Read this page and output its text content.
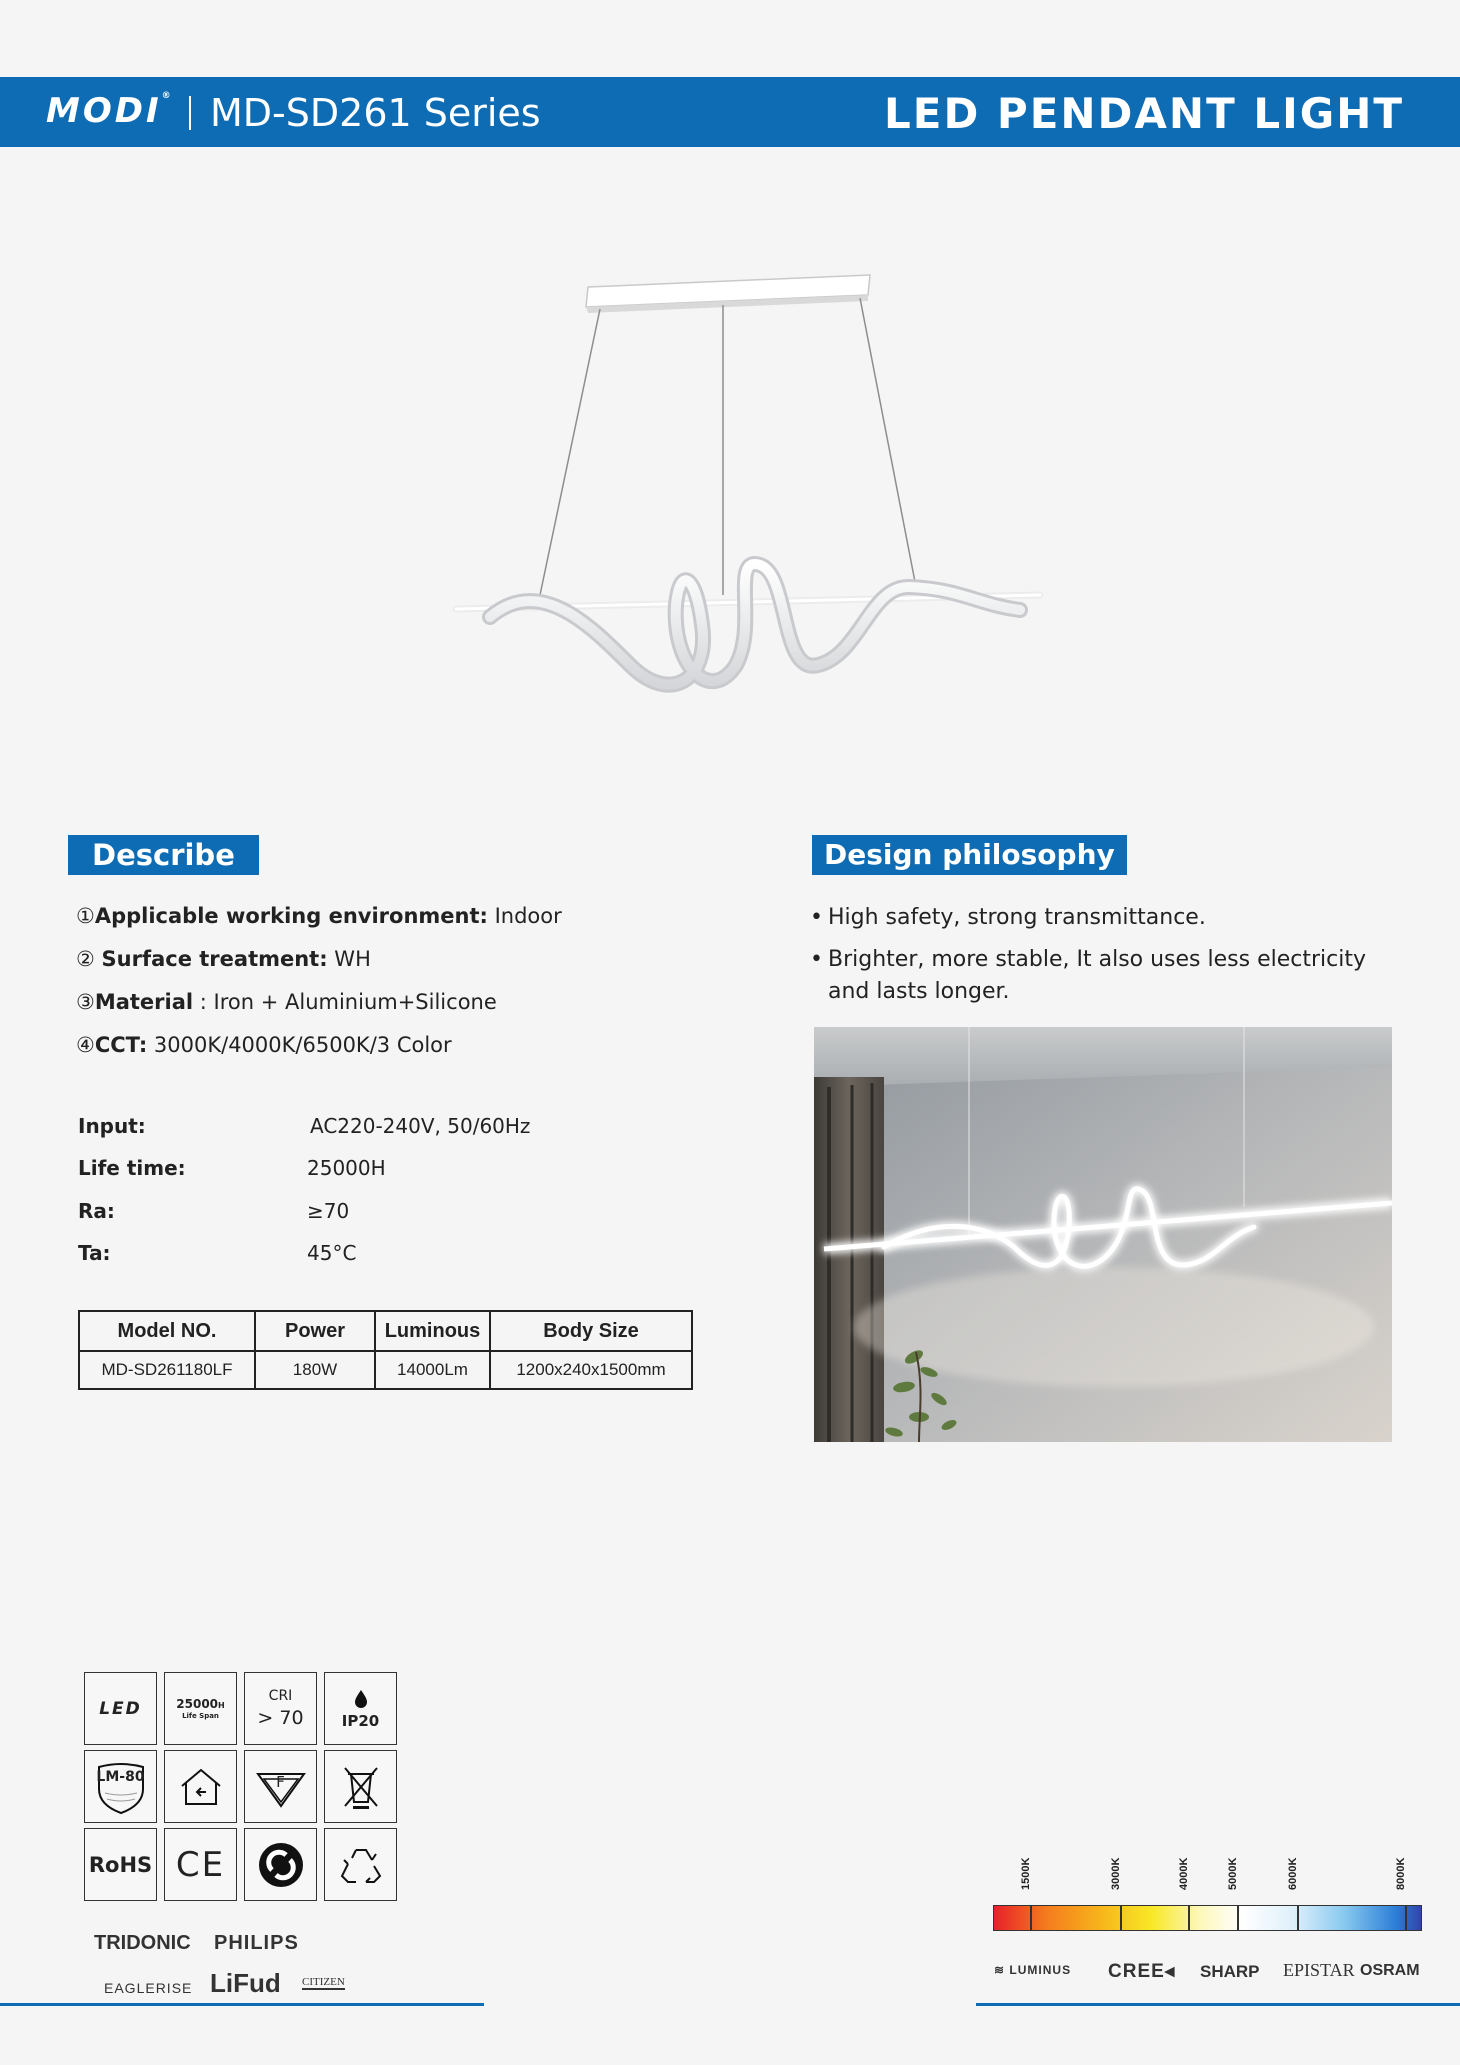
MODI® MD-SD261 Series	LED PENDANT LIGHT
Describe
①Applicable working environment: Indoor
② Surface treatment: WH
③Material : Iron + Aluminium+Silicone
④CCT: 3000K/4000K/6500K/3 Color
Input:	AC220-240V, 50/60Hz
Life time:	25000H
Ra:	≥70
Ta:	45°C
Model NO.	Power	Luminous	Body Size
MD-SD261180LF	180W	14000Lm	1200x240x1500mm
Design philosophy
• High safety, strong transmittance.
• Brighter, more stable, It also uses less electricity and lasts longer.
LED	25000H
Life Span
CRI
> 70	IP20
LM-80	F
RoHS CE
TRIDONIC PHILIPS
EAGLERISE LiFud CITIZEN
1500K	3000K	4000K	5000K	6000K	8000K
≋ LUMINUS CREE◂ SHARP EPISTAR OSRAM
